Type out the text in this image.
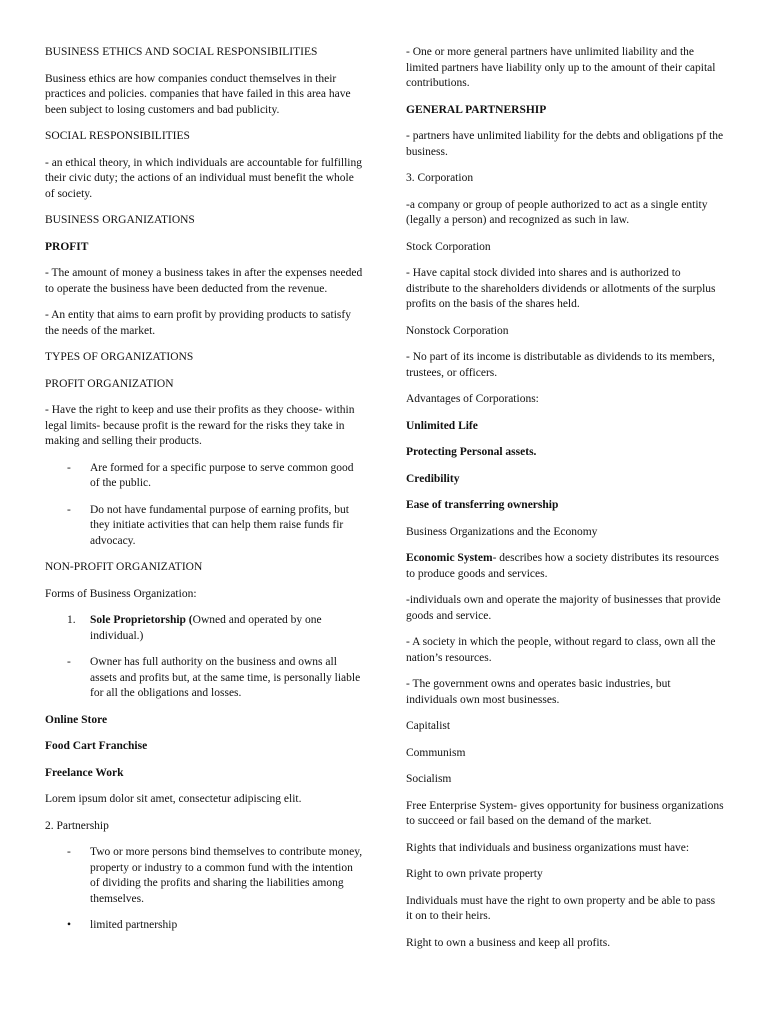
BUSINESS ETHICS AND SOCIAL RESPONSIBILITIES

Business ethics are how companies conduct themselves in their practices and policies. companies that have failed in this area have been subject to losing customers and bad publicity.

SOCIAL RESPONSIBILITIES

- an ethical theory, in which individuals are accountable for fulfilling their civic duty; the actions of an individual must benefit the whole of society.

BUSINESS ORGANIZATIONS

PROFIT

- The amount of money a business takes in after the expenses needed to operate the business have been deducted from the revenue.

- An entity that aims to earn profit by providing products to satisfy the needs of the market.

TYPES OF ORGANIZATIONS

PROFIT ORGANIZATION

- Have the right to keep and use their profits as they choose- within legal limits- because profit is the reward for the risks they take in making and selling their products.

- Are formed for a specific purpose to serve common good of the public.
- Do not have fundamental purpose of earning profits, but they initiate activities that can help them raise funds fir advocacy.

NON-PROFIT ORGANIZATION

Forms of Business Organization:

1. Sole Proprietorship (Owned and operated by one individual.)
- Owner has full authority on the business and owns all assets and profits but, at the same time, is personally liable for all the obligations and losses.

Online Store

Food Cart Franchise

Freelance Work

Lorem ipsum dolor sit amet, consectetur adipiscing elit.

2. Partnership

- Two or more persons bind themselves to contribute money, property or industry to a common fund with the intention of dividing the profits and sharing the liabilities among themselves.
• limited partnership

- One or more general partners have unlimited liability and the limited partners have liability only up to the amount of their capital contributions.

GENERAL PARTNERSHIP

- partners have unlimited liability for the debts and obligations pf the business.

3. Corporation

-a company or group of people authorized to act as a single entity (legally a person) and recognized as such in law.

Stock Corporation

- Have capital stock divided into shares and is authorized to distribute to the shareholders dividends or allotments of the surplus profits on the basis of the shares held.

Nonstock Corporation

- No part of its income is distributable as dividends to its members, trustees, or officers.

Advantages of Corporations:

Unlimited Life

Protecting Personal assets.

Credibility

Ease of transferring ownership

Business Organizations and the Economy

Economic System- describes how a society distributes its resources to produce goods and services.

-individuals own and operate the majority of businesses that provide goods and service.

- A society in which the people, without regard to class, own all the nation’s resources.

- The government owns and operates basic industries, but individuals own most businesses.

Capitalist

Communism

Socialism

Free Enterprise System- gives opportunity for business organizations to succeed or fail based on the demand of the market.

Rights that individuals and business organizations must have:

Right to own private property

Individuals must have the right to own property and be able to pass it on to their heirs.

Right to own a business and keep all profits.
